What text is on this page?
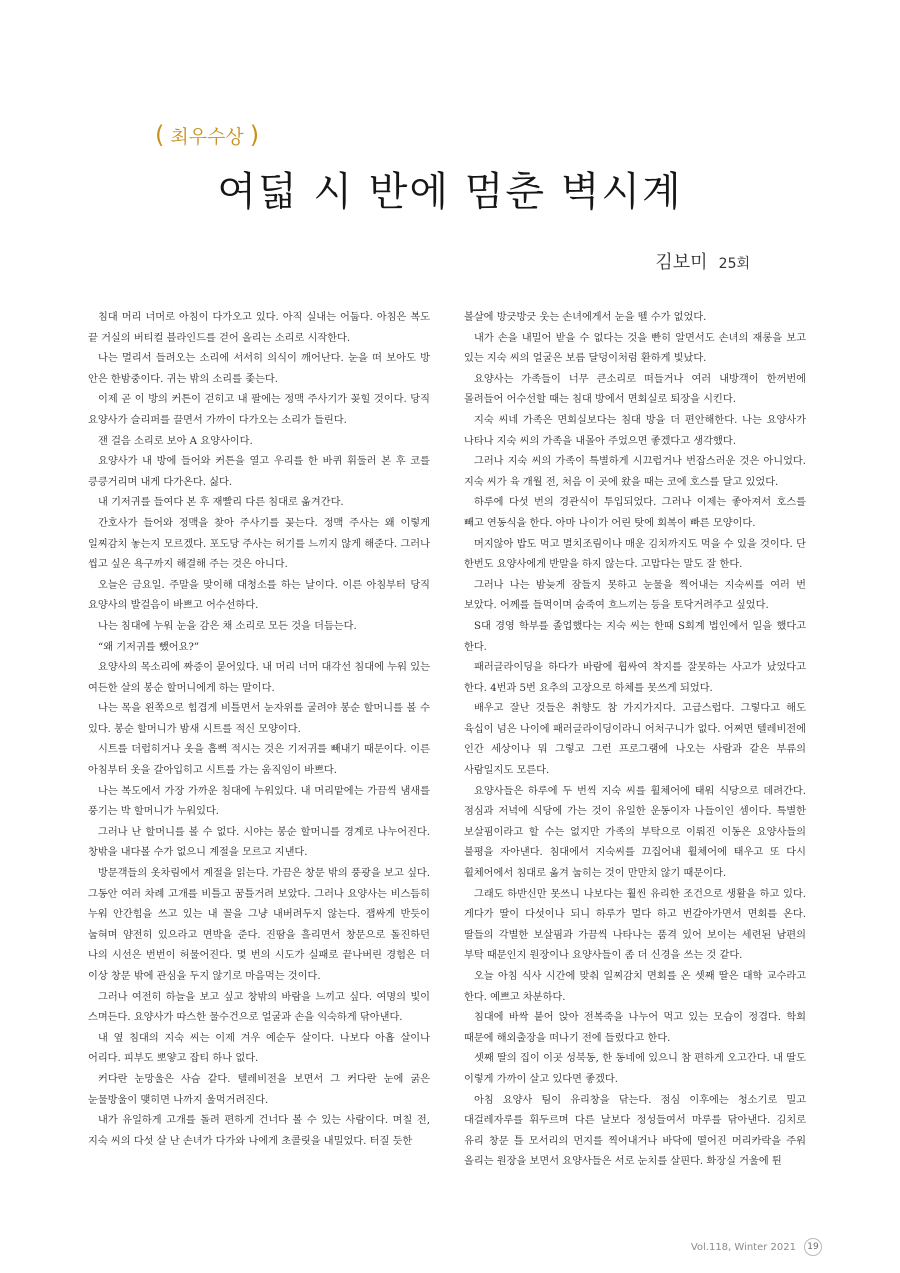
( 최우수상 )
여덟 시 반에 멈춘 벽시계
김보미 25회

침대 머리 너머로 아침이 다가오고 있다. 아직 실내는 어둡다. 아침은 복도 끝 거실의 버티컬 블라인드를 걷어 올리는 소리로 시작한다.

나는 멀리서 들려오는 소리에 서서히 의식이 깨어난다. 눈을 떠 보아도 방 안은 한밤중이다. 귀는 밖의 소리를 좇는다.

이제 곧 이 방의 커튼이 걷히고 내 팔에는 정맥 주사기가 꽂힐 것이다. 당직 요양사가 슬리퍼를 끌면서 가까이 다가오는 소리가 들린다.

잰 걸음 소리로 보아 A 요양사이다.

요양사가 내 방에 들어와 커튼을 열고 우리를 한 바퀴 휘둘러 본 후 코를 킁킁거리며 내게 다가온다. 싫다.

내 기저귀를 들여다 본 후 재빨리 다른 침대로 옮겨간다.

간호사가 들어와 정맥을 찾아 주사기를 꽂는다. 정맥 주사는 왜 이렇게 일찌감치 놓는지 모르겠다. 포도당 주사는 허기를 느끼지 않게 해준다. 그러나 씹고 싶은 욕구까지 해결해 주는 것은 아니다.

오늘은 금요일. 주말을 맞이해 대청소를 하는 날이다. 이른 아침부터 당직 요양사의 발걸음이 바쁘고 어수선하다.

나는 침대에 누워 눈을 감은 채 소리로 모든 것을 더듬는다.

“왜 기저귀를 뺐어요?”

요양사의 목소리에 짜증이 묻어있다. 내 머리 너머 대각선 침대에 누워 있는 여든한 살의 봉순 할머니에게 하는 말이다.

나는 목을 왼쪽으로 힘겹게 비틀면서 눈자위를 굴려야 봉순 할머니를 볼 수 있다. 봉순 할머니가 밤새 시트를 적신 모양이다.

시트를 더럽히거나 옷을 흠뻑 적시는 것은 기저귀를 빼내기 때문이다. 이른 아침부터 옷을 갈아입히고 시트를 가는 움직임이 바쁘다.

나는 복도에서 가장 가까운 침대에 누워있다. 내 머리맡에는 가끔씩 냄새를 풍기는 박 할머니가 누워있다.

그러나 난 할머니를 볼 수 없다. 시야는 봉순 할머니를 경계로 나누어진다. 창밖을 내다볼 수가 없으니 계절을 모르고 지낸다.

방문객들의 옷차림에서 계절을 읽는다. 가끔은 창문 밖의 풍광을 보고 싶다. 그동안 여러 차례 고개를 비틀고 꿈틀거려 보았다. 그러나 요양사는 비스듬히 누워 안간힘을 쓰고 있는 내 꼴을 그냥 내버려두지 않는다. 잽싸게 반듯이 눕혀며 얌전히 있으라고 면박을 준다. 진땀을 흘리면서 창문으로 돌진하던 나의 시선은 번번이 허물어진다. 몇 번의 시도가 실패로 끝나버린 경험은 더 이상 창문 밖에 관심을 두지 않기로 마음먹는 것이다.

그러나 여전히 하늘을 보고 싶고 창밖의 바람을 느끼고 싶다. 여명의 빛이 스며든다. 요양사가 따스한 물수건으로 얼굴과 손을 익숙하게 닦아낸다.

내 옆 침대의 지숙 씨는 이제 겨우 예순두 살이다. 나보다 아홉 살이나 어리다. 피부도 뽀얗고 잡티 하나 없다.

커다란 눈망울은 사슴 같다. 텔레비전을 보면서 그 커다란 눈에 굵은 눈물방울이 맺히면 나까지 울먹거려진다.

내가 유일하게 고개를 돌려 편하게 건너다 볼 수 있는 사람이다. 며칠 전, 지숙 씨의 다섯 살 난 손녀가 다가와 나에게 초콜릿을 내밀었다. 터질 듯한

볼살에 방긋방긋 웃는 손녀에게서 눈을 뗄 수가 없었다.

내가 손을 내밀어 받을 수 없다는 것을 빤히 알면서도 손녀의 재롱을 보고 있는 지숙 씨의 얼굴은 보름 달덩이처럼 환하게 빛났다.

요양사는 가족들이 너무 큰소리로 떠들거나 여러 내방객이 한꺼번에 몰려들어 어수선할 때는 침대 방에서 면회실로 퇴장을 시킨다.

지숙 씨네 가족은 면회실보다는 침대 방을 더 편안해한다. 나는 요양사가 나타나 지숙 씨의 가족을 내몰아 주었으면 좋겠다고 생각했다.

그러나 지숙 씨의 가족이 특별하게 시끄럽거나 번잡스러운 것은 아니었다. 지숙 씨가 육 개월 전, 처음 이 곳에 왔을 때는 코에 호스를 달고 있었다.

하루에 다섯 번의 경관식이 투입되었다. 그러나 이제는 좋아져서 호스를 빼고 연동식을 한다. 아마 나이가 어린 탓에 회복이 빠른 모양이다.

머지않아 밥도 먹고 멸치조림이나 매운 김치까지도 먹을 수 있을 것이다. 단 한번도 요양사에게 반말을 하지 않는다. 고맙다는 말도 잘 한다.

그러나 나는 밤늦게 잠들지 못하고 눈물을 찍어내는 지숙씨를 여러 번 보았다. 어께를 들먹이며 숨죽여 흐느끼는 등을 토닥거려주고 싶었다.

S대 경영 학부를 졸업했다는 지숙 씨는 한때 S회계 법인에서 일을 했다고 한다.

패러글라이딩을 하다가 바람에 휩싸여 착지를 잘못하는 사고가 났었다고 한다. 4번과 5번 요추의 고장으로 하체를 못쓰게 되었다.

배우고 잘난 것들은 취향도 참 가지가지다. 고급스럽다. 그렇다고 해도 육십이 넘은 나이에 패러글라이딩이라니 어처구니가 없다. 어쩌면 텔레비전에 인간 세상이나 뭐 그렇고 그런 프로그램에 나오는 사람과 같은 부류의 사람일지도 모른다.

요양사들은 하루에 두 번씩 지숙 씨를 휠체어에 태워 식당으로 데려간다. 점심과 저녁에 식당에 가는 것이 유일한 운동이자 나들이인 셈이다. 특별한 보살핌이라고 할 수는 없지만 가족의 부탁으로 이뤄진 이동은 요양사들의 불평을 자아낸다. 침대에서 지숙씨를 끄집어내 휠체어에 태우고 또 다시 휠체어에서 침대로 옮겨 눕히는 것이 만만치 않기 때문이다.

그래도 하반신만 못쓰니 나보다는 훨씬 유리한 조건으로 생활을 하고 있다. 게다가 딸이 다섯이나 되니 하루가 멀다 하고 번갈아가면서 면회를 온다. 딸들의 각별한 보살핌과 가끔씩 나타나는 품격 있어 보이는 세련된 남편의 부탁 때문인지 원장이나 요양사들이 좀 더 신경을 쓰는 것 같다.

오늘 아침 식사 시간에 맞춰 일찌감치 면회를 온 셋째 딸은 대학 교수라고 한다. 예쁘고 차분하다.

침대에 바싹 붙어 앉아 전복죽을 나누어 먹고 있는 모습이 정겹다. 학회 때문에 해외출장을 떠나기 전에 들렀다고 한다.

셋째 딸의 집이 이곳 성북동, 한 동네에 있으니 참 편하게 오고간다. 내 딸도 이렇게 가까이 살고 있다면 좋겠다.

아침 요양사 팀이 유리창을 닦는다. 점심 이후에는 청소기로 밀고 대걸레자루를 휘두르며 다른 날보다 정성들여서 마루를 닦아낸다. 김치로 유리 창문 틀 모서리의 먼지를 찍어내거나 바닥에 떨어진 머리카락을 주워 올리는 원장을 보면서 요양사들은 서로 눈치를 살핀다. 화장실 거울에 튄

Vol.118, Winter 2021	19
